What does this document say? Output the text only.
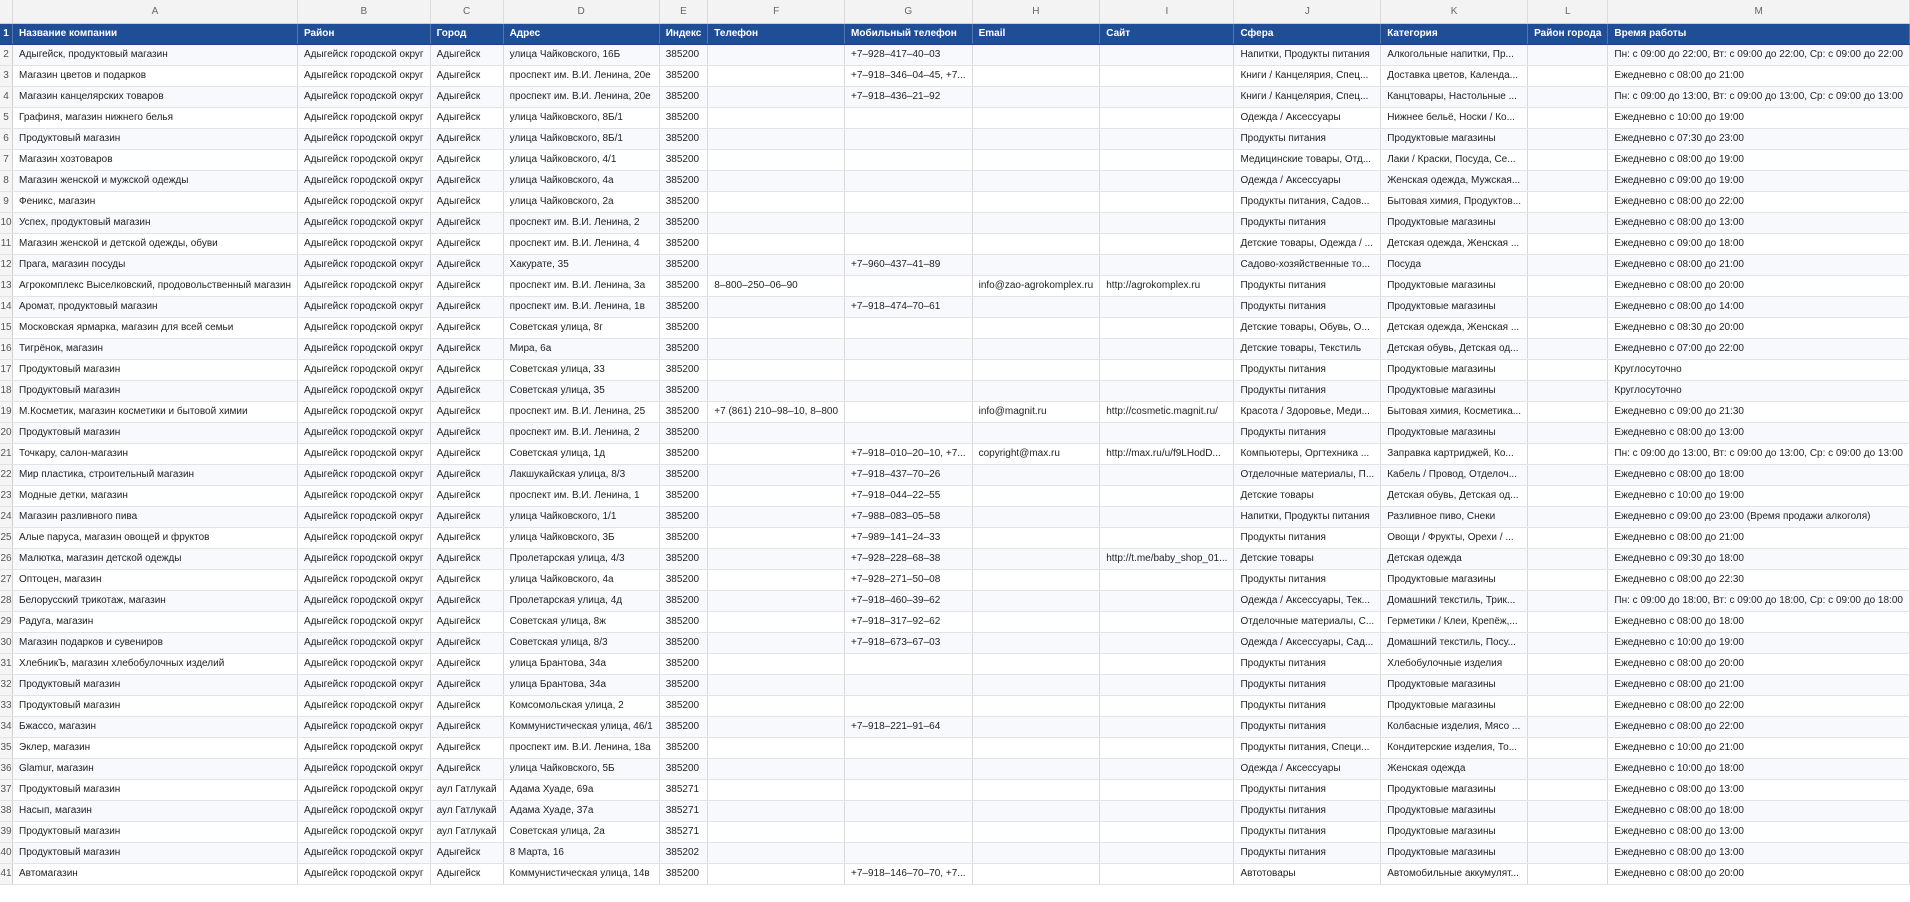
	A	B	C	D	E	F	G	H	I	J	K	L	M
1	Название компании	Район	Город	Адрес	Индекс	Телефон	Мобильный телефон	Email	Сайт	Сфера	Категория	Район города	Время работы
2	Адыгейск, продуктовый магазин	Адыгейск городской округ	Адыгейск	улица Чайковского, 16Б	385200		+7‒928‒417‒40‒03			Напитки, Продукты питания	Алкогольные напитки, Пр...		Пн: с 09:00 до 22:00, Вт: с 09:00 до 22:00, Ср: с 09:00 до 22:00
3	Магазин цветов и подарков	Адыгейск городской округ	Адыгейск	проспект им. В.И. Ленина, 20е	385200		+7‒918‒346‒04‒45, +7...			Книги / Канцелярия, Спец...	Доставка цветов, Календа...		Ежедневно с 08:00 до 21:00
4	Магазин канцелярских товаров	Адыгейск городской округ	Адыгейск	проспект им. В.И. Ленина, 20е	385200		+7‒918‒436‒21‒92			Книги / Канцелярия, Спец...	Канцтовары, Настольные ...		Пн: с 09:00 до 13:00, Вт: с 09:00 до 13:00, Ср: с 09:00 до 13:00
5	Графиня, магазин нижнего белья	Адыгейск городской округ	Адыгейск	улица Чайковского, 8Б/1	385200					Одежда / Аксессуары	Нижнее бельё, Носки / Ко...		Ежедневно с 10:00 до 19:00
6	Продуктовый магазин	Адыгейск городской округ	Адыгейск	улица Чайковского, 8Б/1	385200					Продукты питания	Продуктовые магазины		Ежедневно с 07:30 до 23:00
7	Магазин хозтоваров	Адыгейск городской округ	Адыгейск	улица Чайковского, 4/1	385200					Медицинские товары, Отд...	Лаки / Краски, Посуда, Се...		Ежедневно с 08:00 до 19:00
8	Магазин женской и мужской одежды	Адыгейск городской округ	Адыгейск	улица Чайковского, 4а	385200					Одежда / Аксессуары	Женская одежда, Мужская...		Ежедневно с 09:00 до 19:00
9	Феникс, магазин	Адыгейск городской округ	Адыгейск	улица Чайковского, 2а	385200					Продукты питания, Садов...	Бытовая химия, Продуктов...		Ежедневно с 08:00 до 22:00
10	Успех, продуктовый магазин	Адыгейск городской округ	Адыгейск	проспект им. В.И. Ленина, 2	385200					Продукты питания	Продуктовые магазины		Ежедневно с 08:00 до 13:00
11	Магазин женской и детской одежды, обуви	Адыгейск городской округ	Адыгейск	проспект им. В.И. Ленина, 4	385200					Детские товары, Одежда / ...	Детская одежда, Женская ...		Ежедневно с 09:00 до 18:00
12	Прага, магазин посуды	Адыгейск городской округ	Адыгейск	Хакурате, 35	385200		+7‒960‒437‒41‒89			Садово-хозяйственные то...	Посуда		Ежедневно с 08:00 до 21:00
13	Агрокомплекс Выселковский, продовольственный магазин	Адыгейск городской округ	Адыгейск	проспект им. В.И. Ленина, 3а	385200	8‒800‒250‒06‒90		info@zao-agrokomplex.ru	http://agrokomplex.ru	Продукты питания	Продуктовые магазины		Ежедневно с 08:00 до 20:00
14	Аромат, продуктовый магазин	Адыгейск городской округ	Адыгейск	проспект им. В.И. Ленина, 1в	385200		+7‒918‒474‒70‒61			Продукты питания	Продуктовые магазины		Ежедневно с 08:00 до 14:00
15	Московская ярмарка, магазин для всей семьи	Адыгейск городской округ	Адыгейск	Советская улица, 8г	385200					Детские товары, Обувь, О...	Детская одежда, Женская ...		Ежедневно с 08:30 до 20:00
16	Тигрёнок, магазин	Адыгейск городской округ	Адыгейск	Мира, 6а	385200					Детские товары, Текстиль	Детская обувь, Детская од...		Ежедневно с 07:00 до 22:00
17	Продуктовый магазин	Адыгейск городской округ	Адыгейск	Советская улица, 33	385200					Продукты питания	Продуктовые магазины		Круглосуточно
18	Продуктовый магазин	Адыгейск городской округ	Адыгейск	Советская улица, 35	385200					Продукты питания	Продуктовые магазины		Круглосуточно
19	М.Косметик, магазин косметики и бытовой химии	Адыгейск городской округ	Адыгейск	проспект им. В.И. Ленина, 25	385200	+7 (861) 210‒98‒10, 8‒800		info@magnit.ru	http://cosmetic.magnit.ru/	Красота / Здоровье, Меди...	Бытовая химия, Косметика...		Ежедневно с 09:00 до 21:30
20	Продуктовый магазин	Адыгейск городской округ	Адыгейск	проспект им. В.И. Ленина, 2	385200					Продукты питания	Продуктовые магазины		Ежедневно с 08:00 до 13:00
21	Точкару, салон-магазин	Адыгейск городской округ	Адыгейск	Советская улица, 1д	385200		+7‒918‒010‒20‒10, +7...	copyright@max.ru	http://max.ru/u/f9LHodD...	Компьютеры, Оргтехника ...	Заправка картриджей, Ко...		Пн: с 09:00 до 13:00, Вт: с 09:00 до 13:00, Ср: с 09:00 до 13:00
22	Мир пластика, строительный магазин	Адыгейск городской округ	Адыгейск	Лакшукайская улица, 8/3	385200		+7‒918‒437‒70‒26			Отделочные материалы, П...	Кабель / Провод, Отделоч...		Ежедневно с 08:00 до 18:00
23	Модные детки, магазин	Адыгейск городской округ	Адыгейск	проспект им. В.И. Ленина, 1	385200		+7‒918‒044‒22‒55			Детские товары	Детская обувь, Детская од...		Ежедневно с 10:00 до 19:00
24	Магазин разливного пива	Адыгейск городской округ	Адыгейск	улица Чайковского, 1/1	385200		+7‒988‒083‒05‒58			Напитки, Продукты питания	Разливное пиво, Снеки		Ежедневно с 09:00 до 23:00 (Время продажи алкоголя)
25	Алые паруса, магазин овощей и фруктов	Адыгейск городской округ	Адыгейск	улица Чайковского, 3Б	385200		+7‒989‒141‒24‒33			Продукты питания	Овощи / Фрукты, Орехи / ...		Ежедневно с 08:00 до 21:00
26	Малютка, магазин детской одежды	Адыгейск городской округ	Адыгейск	Пролетарская улица, 4/3	385200		+7‒928‒228‒68‒38		http://t.me/baby_shop_01...	Детские товары	Детская одежда		Ежедневно с 09:30 до 18:00
27	Оптоцен, магазин	Адыгейск городской округ	Адыгейск	улица Чайковского, 4а	385200		+7‒928‒271‒50‒08			Продукты питания	Продуктовые магазины		Ежедневно с 08:00 до 22:30
28	Белорусский трикотаж, магазин	Адыгейск городской округ	Адыгейск	Пролетарская улица, 4д	385200		+7‒918‒460‒39‒62			Одежда / Аксессуары, Тек...	Домашний текстиль, Трик...		Пн: с 09:00 до 18:00, Вт: с 09:00 до 18:00, Ср: с 09:00 до 18:00
29	Радуга, магазин	Адыгейск городской округ	Адыгейск	Советская улица, 8ж	385200		+7‒918‒317‒92‒62			Отделочные материалы, С...	Герметики / Клеи, Крепёж,...		Ежедневно с 08:00 до 18:00
30	Магазин подарков и сувениров	Адыгейск городской округ	Адыгейск	Советская улица, 8/3	385200		+7‒918‒673‒67‒03			Одежда / Аксессуары, Сад...	Домашний текстиль, Посу...		Ежедневно с 10:00 до 19:00
31	ХлебникЪ, магазин хлебобулочных изделий	Адыгейск городской округ	Адыгейск	улица Брантова, 34а	385200					Продукты питания	Хлебобулочные изделия		Ежедневно с 08:00 до 20:00
32	Продуктовый магазин	Адыгейск городской округ	Адыгейск	улица Брантова, 34а	385200					Продукты питания	Продуктовые магазины		Ежедневно с 08:00 до 21:00
33	Продуктовый магазин	Адыгейск городской округ	Адыгейск	Комсомольская улица, 2	385200					Продукты питания	Продуктовые магазины		Ежедневно с 08:00 до 22:00
34	Бжассо, магазин	Адыгейск городской округ	Адыгейск	Коммунистическая улица, 46/1	385200		+7‒918‒221‒91‒64			Продукты питания	Колбасные изделия, Мясо ...		Ежедневно с 08:00 до 22:00
35	Эклер, магазин	Адыгейск городской округ	Адыгейск	проспект им. В.И. Ленина, 18а	385200					Продукты питания, Специ...	Кондитерские изделия, То...		Ежедневно с 10:00 до 21:00
36	Glamur, магазин	Адыгейск городской округ	Адыгейск	улица Чайковского, 5Б	385200					Одежда / Аксессуары	Женская одежда		Ежедневно с 10:00 до 18:00
37	Продуктовый магазин	Адыгейск городской округ	аул Гатлукай	Адама Хуаде, 69а	385271					Продукты питания	Продуктовые магазины		Ежедневно с 08:00 до 13:00
38	Насып, магазин	Адыгейск городской округ	аул Гатлукай	Адама Хуаде, 37а	385271					Продукты питания	Продуктовые магазины		Ежедневно с 08:00 до 18:00
39	Продуктовый магазин	Адыгейск городской округ	аул Гатлукай	Советская улица, 2а	385271					Продукты питания	Продуктовые магазины		Ежедневно с 08:00 до 13:00
40	Продуктовый магазин	Адыгейск городской округ	Адыгейск	8 Марта, 16	385202					Продукты питания	Продуктовые магазины		Ежедневно с 08:00 до 13:00
41	Автомагазин	Адыгейск городской округ	Адыгейск	Коммунистическая улица, 14в	385200		+7‒918‒146‒70‒70, +7...			Автотовары	Автомобильные аккумулят...		Ежедневно с 08:00 до 20:00
